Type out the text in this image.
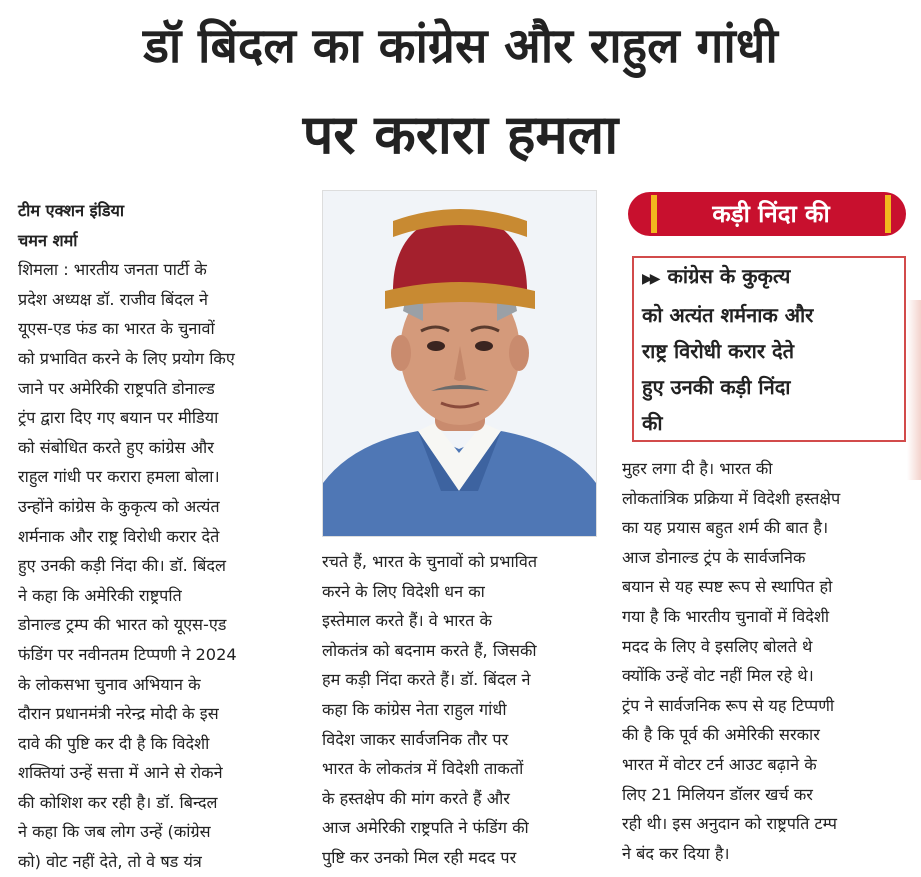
डॉ बिंदल का कांग्रेस और राहुल गांधी
पर करारा हमला

टीम एक्शन इंडिया

चमन शर्मा

शिमला : भारतीय जनता पार्टी के

प्रदेश अध्यक्ष डॉ. राजीव बिंदल ने

यूएस-एड फंड का भारत के चुनावों

को प्रभावित करने के लिए प्रयोग किए

जाने पर अमेरिकी राष्ट्रपति डोनाल्ड

ट्रंप द्वारा दिए गए बयान पर मीडिया

को संबोधित करते हुए कांग्रेस और

राहुल गांधी पर करारा हमला बोला।

उन्होंने कांग्रेस के कुकृत्य को अत्यंत

शर्मनाक और राष्ट्र विरोधी करार देते

हुए उनकी कड़ी निंदा की। डॉ. बिंदल

ने कहा कि अमेरिकी राष्ट्रपति

डोनाल्ड ट्रम्प की भारत को यूएस-एड

फंडिंग पर नवीनतम टिप्पणी ने 2024

के लोकसभा चुनाव अभियान के

दौरान प्रधानमंत्री नरेन्द्र मोदी के इस

दावे की पुष्टि कर दी है कि विदेशी

शक्तियां उन्हें सत्ता में आने से रोकने

की कोशिश कर रही है। डॉ. बिन्दल

ने कहा कि जब लोग उन्हें (कांग्रेस

को) वोट नहीं देते, तो वे षड यंत्र

रचते हैं, भारत के चुनावों को प्रभावित

करने के लिए विदेशी धन का

इस्तेमाल करते हैं। वे भारत के

लोकतंत्र को बदनाम करते हैं, जिसकी

हम कड़ी निंदा करते हैं। डॉ. बिंदल ने

कहा कि कांग्रेस नेता राहुल गांधी

विदेश जाकर सार्वजनिक तौर पर

भारत के लोकतंत्र में विदेशी ताकतों

के हस्तक्षेप की मांग करते हैं और

आज अमेरिकी राष्ट्रपति ने फंडिंग की

पुष्टि कर उनको मिल रही मदद पर

कड़ी निंदा की

▶▶ कांग्रेस के कुकृत्य

को अत्यंत शर्मनाक और

राष्ट्र विरोधी करार देते

हुए उनकी कड़ी निंदा

की

मुहर लगा दी है। भारत की

लोकतांत्रिक प्रक्रिया में विदेशी हस्तक्षेप

का यह प्रयास बहुत शर्म की बात है।

आज डोनाल्ड ट्रंप के सार्वजनिक

बयान से यह स्पष्ट रूप से स्थापित हो

गया है कि भारतीय चुनावों में विदेशी

मदद के लिए वे इसलिए बोलते थे

क्योंकि उन्हें वोट नहीं मिल रहे थे।

ट्रंप ने सार्वजनिक रूप से यह टिप्पणी

की है कि पूर्व की अमेरिकी सरकार

भारत में वोटर टर्न आउट बढ़ाने के

लिए 21 मिलियन डॉलर खर्च कर

रही थी। इस अनुदान को राष्ट्रपति टम्प

ने बंद कर दिया है।
